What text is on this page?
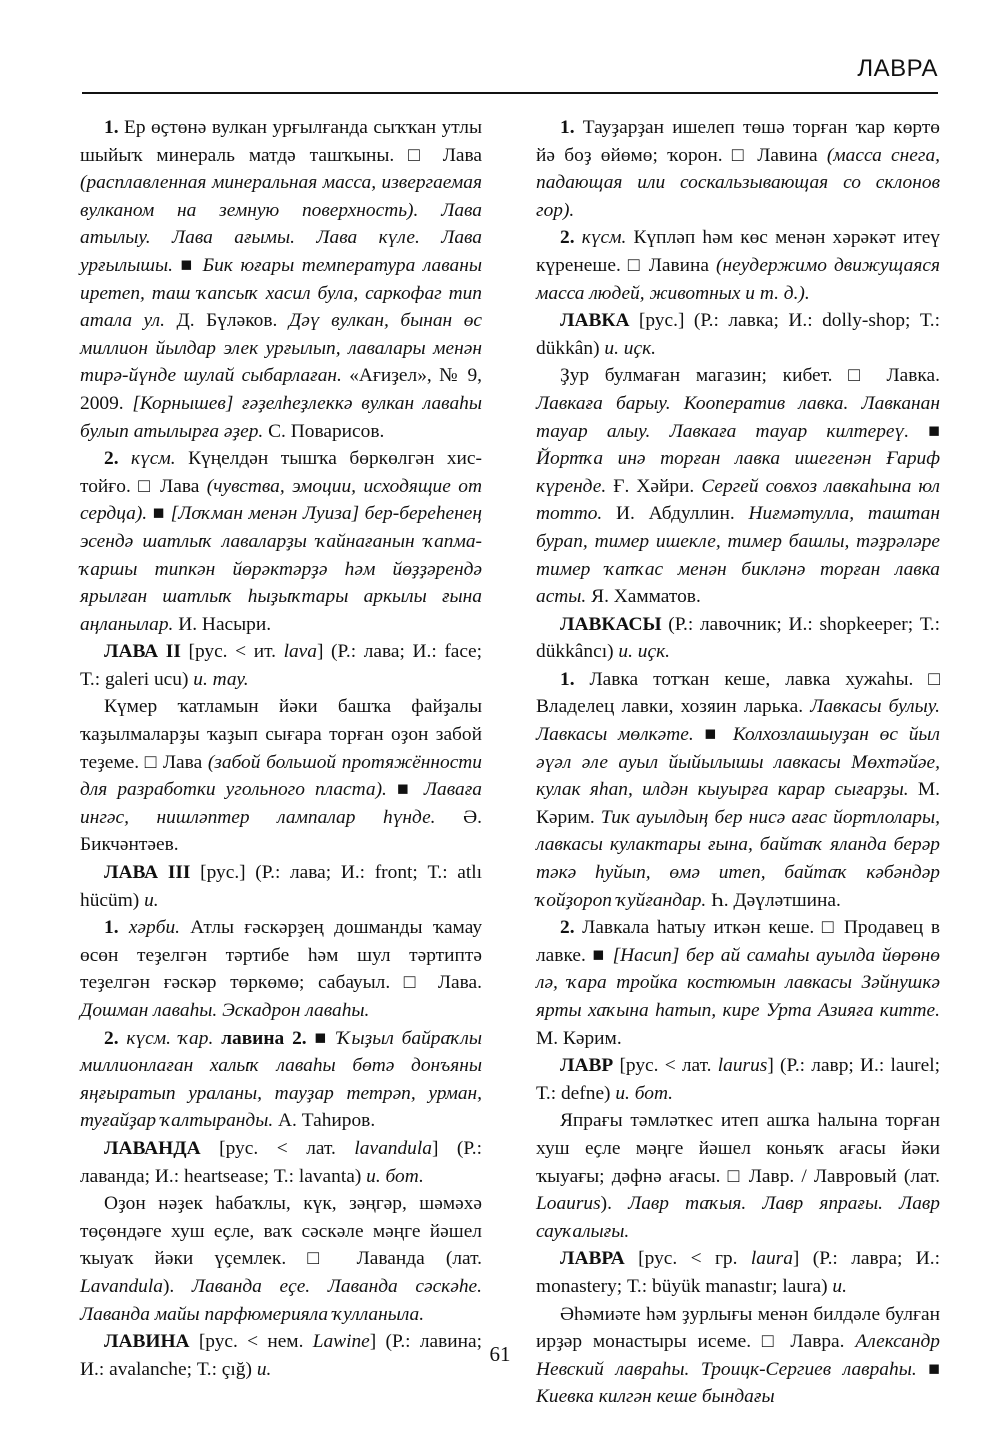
ЛАВРА

1. Ер өҫтөнә вулкан урғылғанда сыҡҡан утлы шыйыҡ минераль матдә ташҡыны. □ Лава (расплавленная минеральная масса, извергаемая вулканом на земную поверхность). Лава атылыу. Лава ағымы. Лава күле. Лава урғылышы. ■ Бик юғары температура лаваны иретеп, таш ҡапсыҡ хасил була, саркофаг тип атала ул. Д. Бүләков. Дәү вулкан, бынан өс миллион йылдар элек урғылып, лавалары менән тирә-йүнде шулай сыбарлаған. «Ағиҙел», № 9, 2009. [Корнышев] ғәҙелһеҙлеккә вулкан лаваһы булып атылырға әҙер. С. Поварисов.

2. күсм. Күңелдән тышҡа бөркөлгән хис-тойғо. □ Лава (чувства, эмоции, исходящие от сердца). ■ [Лоҡман менән Луиза] бер-береһенең эсендә шатлыҡ лаваларҙы ҡайнағанын ҡапма-ҡаршы типкән йөрәктәрҙә һәм йөҙҙәрендә ярылған шатлыҡ һыҙыҡтары аркылы ғына аңланылар. И. Насыри.

ЛАВА II [рус. < ит. lava] (Р.: лава; И.: face; Т.: galeri ucu) и. тау.

Күмер ҡатламын йәки башҡа файҙалы ҡаҙылмаларҙы ҡаҙып сығара торған оҙон забой теҙеме. □ Лава (забой большой протяжённости для разработки угольного пласта). ■ Лаваға ингәс, нишләптер лампалар һүнде. Ә. Бикчәнтәев.

ЛАВА III [рус.] (Р.: лава; И.: front; Т.: atlı hücüm) и.

1. хәрби. Атлы ғәскәрҙең дошманды ҡамау өсөн теҙелгән тәртибе һәм шул тәртиптә теҙелгән ғәскәр төркөмө; сабауыл. □ Лава. Дошман лаваһы. Эскадрон лаваһы.

2. күсм. ҡар. лавина 2. ■ Ҡыҙыл байраҡлы миллионлаған халыҡ лаваһы бөтә донъяны яңғыратып ураланы, тауҙар тетрәп, урман, туғайҙар ҡалтыранды. А. Таһиров.

ЛАВАНДА [рус. < лат. lavandula] (Р.: лаванда; И.: heartsease; Т.: lavanta) и. бот.

Оҙон нәҙек һабаҡлы, күк, зәңгәр, шәмәхә төҫөндәге хуш еҫле, ваҡ сәскәле мәңге йәшел ҡыуаҡ йәки үҫемлек. □ Лаванда (лат. Lavandula). Лаванда еҫе. Лаванда сәскәһе. Лаванда майы парфюмерияла ҡулланыла.

ЛАВИНА [рус. < нем. Lawine] (Р.: лавина; И.: avalanche; Т.: çığ) и.

1. Тауҙарҙан ишелеп төшә торған ҡар көртө йә боҙ өйөмө; ҡорон. □ Лавина (масса снега, падающая или соскальзывающая со склонов гор).

2. күсм. Күпләп һәм көс менән хәрәкәт итеү күренеше. □ Лавина (неудержимо движущаяся масса людей, животных и т. д.).

ЛАВКА [рус.] (Р.: лавка; И.: dolly-shop; Т.: dükkân) и. иҫк.

Ҙур булмаған магазин; кибет. □ Лавка. Лавкаға барыу. Кооператив лавка. Лавканан тауар алыу. Лавкаға тауар килтереү. ■ Йортҡа инә торған лавка ишегенән Ғариф күренде. Ғ. Хәйри. Сергей совхоз лавкаһына юл тотто. И. Абдуллин. Ниғмәтулла, таштан бурап, тимер ишекле, тимер башлы, тәҙрәләре тимер ҡапҡас менән бикләнә торған лавка асты. Я. Хамматов.

ЛАВКАСЫ (Р.: лавочник; И.: shopkeeper; Т.: dükkâncı) и. иҫк.

1. Лавка тотҡан кеше, лавка хужаһы. □ Владелец лавки, хозяин ларька. Лавкасы булыу. Лавкасы мөлкәте. ■ Колхозлашыуҙан өс йыл әүәл әле ауыл йыйылышы лавкасы Мөхтәйәе, кулак яһап, илдән кыуырға карар сығарҙы. М. Кәрим. Тик ауылдың бер нисә ағас йортлолары, лавкасы кулактары ғына, байтаҡ яланда берәр тәкә һуйып, өмә итеп, байтаҡ кәбәндәр ҡойҙороп ҡуйғандар. Һ. Дәүләтшина.

2. Лавкала һатыу иткән кеше. □ Продавец в лавке. ■ [Насип] бер ай самаһы ауылда йөрөнө лә, ҡара тройка костюмын лавкасы Зәйнушкә ярты хаҡына һатып, кире Урта Азияға китте. М. Кәрим.

ЛАВР [рус. < лат. laurus] (Р.: лавр; И.: laurel; Т.: defne) и. бот.

Япрағы тәмләткес итеп ашҡа һалына торған хуш еҫле мәңге йәшел коньяҡ ағасы йәки ҡыуағы; дәфнә ағасы. □ Лавр. / Лавровый (лат. Loaurus). Лавр таҡыя. Лавр япрағы. Лавр сауҡалығы.

ЛАВРА [рус. < гр. laura] (Р.: лавра; И.: monastery; Т.: büyük manastır; laura) и.

Әһәмиәте һәм ҙурлығы менән билдәле булған ирҙәр монастыры исеме. □ Лавра. Александр Невский лавраһы. Троицк-Сергиев лавраһы. ■ Киевка килгән кеше бындағы

61
